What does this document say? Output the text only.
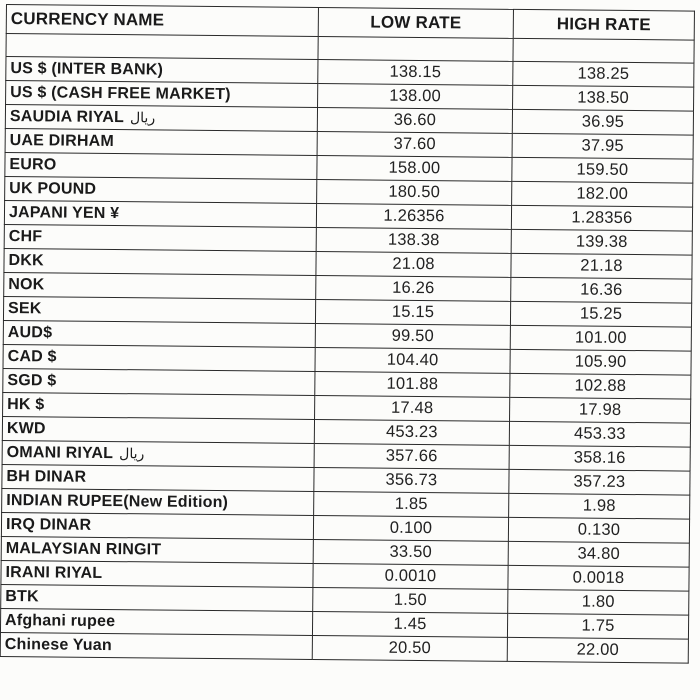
CURRENCY NAME	LOW RATE	HIGH RATE

US $ (INTER BANK)	138.15	138.25
US $ (CASH FREE MARKET)	138.00	138.50
SAUDIA RIYAL ريال	36.60	36.95
UAE DIRHAM	37.60	37.95
EURO	158.00	159.50
UK POUND	180.50	182.00
JAPANI YEN ¥	1.26356	1.28356
CHF	138.38	139.38
DKK	21.08	21.18
NOK	16.26	16.36
SEK	15.15	15.25
AUD$	99.50	101.00
CAD $	104.40	105.90
SGD $	101.88	102.88
HK $	17.48	17.98
KWD	453.23	453.33
OMANI RIYAL ريال	357.66	358.16
BH DINAR	356.73	357.23
INDIAN RUPEE(New Edition)	1.85	1.98
IRQ DINAR	0.100	0.130
MALAYSIAN RINGIT	33.50	34.80
IRANI RIYAL	0.0010	0.0018
BTK	1.50	1.80
Afghani rupee	1.45	1.75
Chinese Yuan	20.50	22.00
